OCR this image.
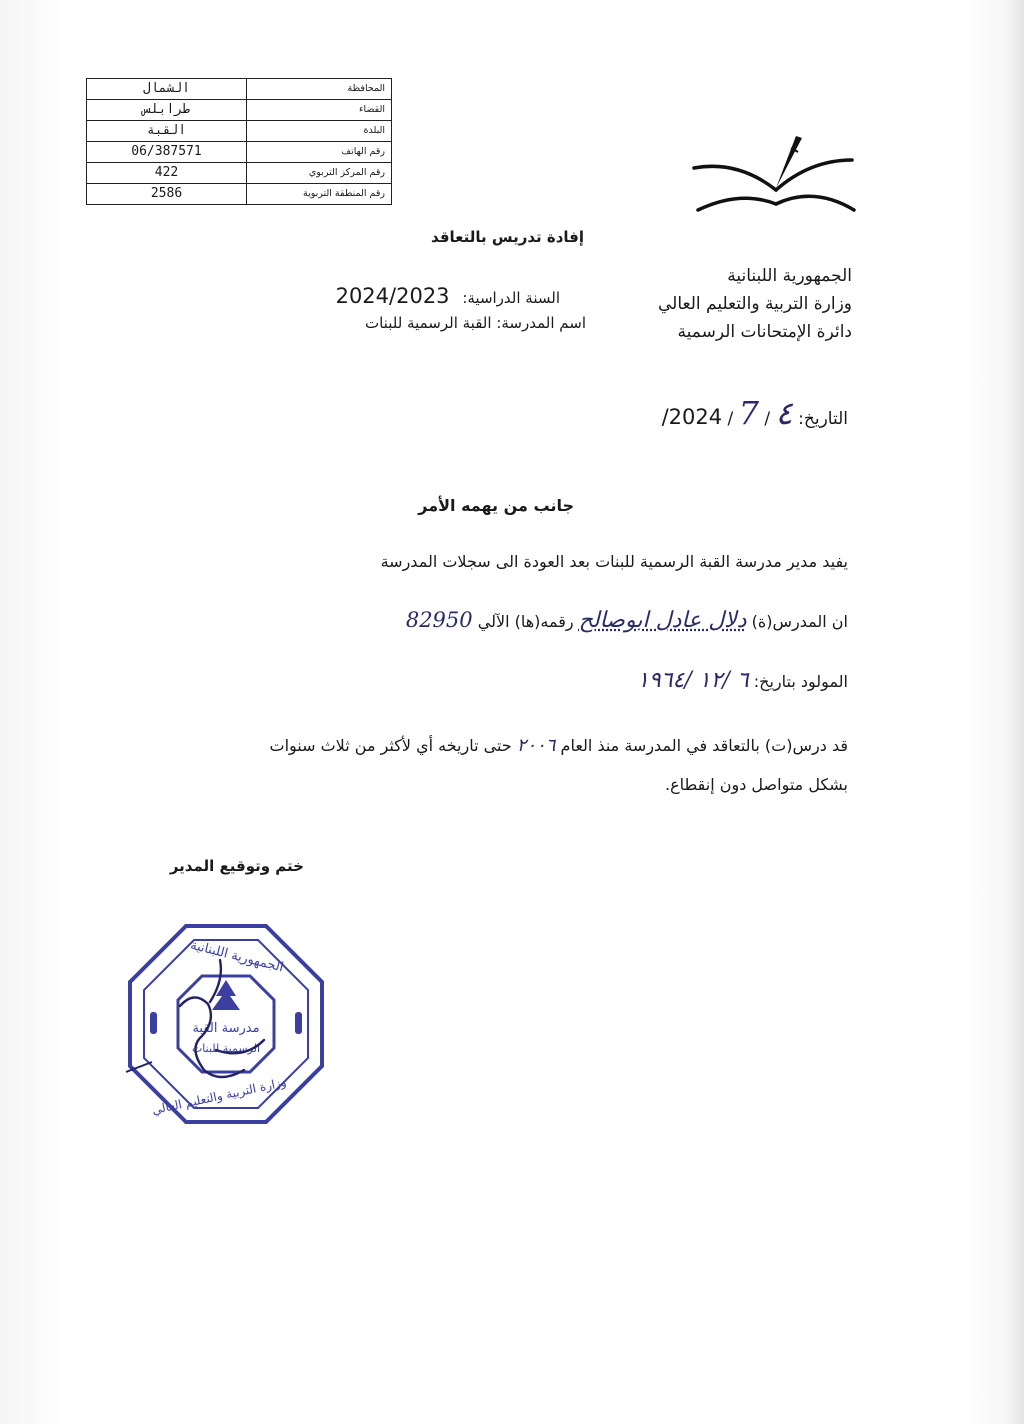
الشمال	المحافظة
طرابلس	القضاء
القبة	البلدة
06/387571	رقم الهاتف
422	رقم المركز التربوي
2586	رقم المنطقة التربوية
الجمهورية اللبنانية
وزارة التربية والتعليم العالي
دائرة الإمتحانات الرسمية
إفادة تدريس بالتعاقد
السنة الدراسية: 2024/2023
اسم المدرسة: القبة الرسمية للبنات
التاريخ: ٤ / 7 / 2024/
جانب من يهمه الأمر
يفيد مدير مدرسة القبة الرسمية للبنات بعد العودة الى سجلات المدرسة
ان المدرس(ة) دلال عادل ابوصالح رقمه(ها) الآلي 82950
المولود بتاريخ: ٦ /١٢ /١٩٦٤
قد درس(ت) بالتعاقد في المدرسة منذ العام ٢٠٠٦ حتى تاريخه أي لأكثر من ثلاث سنوات
بشكل متواصل دون إنقطاع.
ختم وتوقيع المدير
مدرسة القبة
الرسمية للبنات
الجمهورية اللبنانية
وزارة التربية والتعليم العالي
